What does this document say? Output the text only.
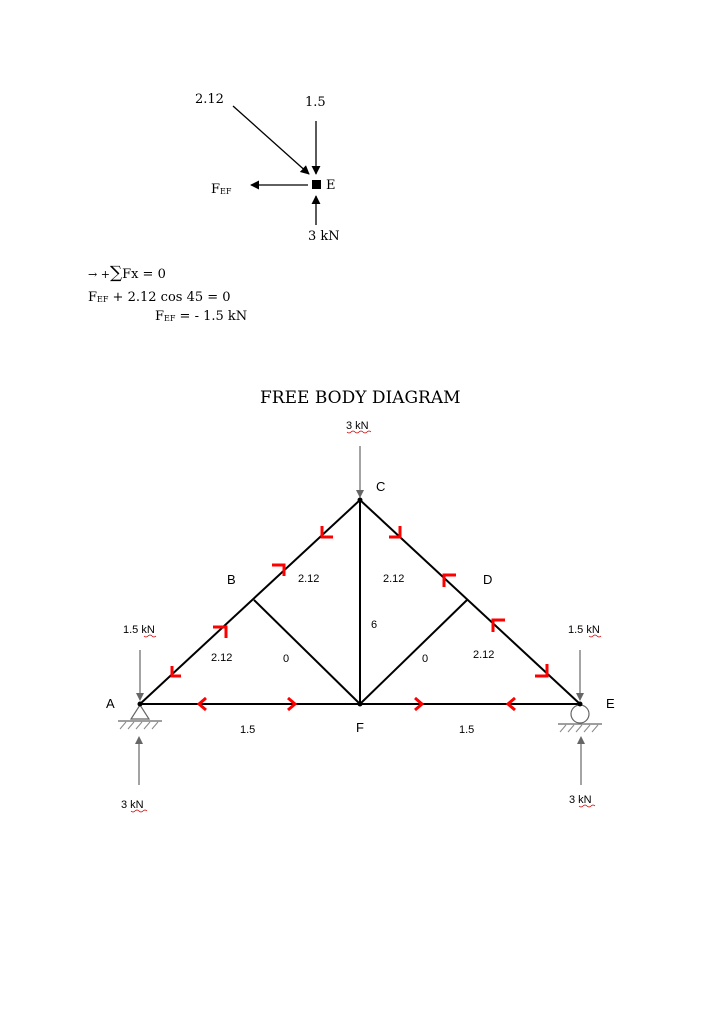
2.12	1.5
E
FEF
3 kN
→ +∑Fx = 0
FEF + 2.12 cos 45 = 0
FEF = - 1.5 kN
FREE BODY DIAGRAM
2.12
2.12	2.12
2.12
0
6
0
1.5	1.5
A
B
C
D
E
F
3 kN
1.5 kN	1.5 kN
3 kN	3 kN
